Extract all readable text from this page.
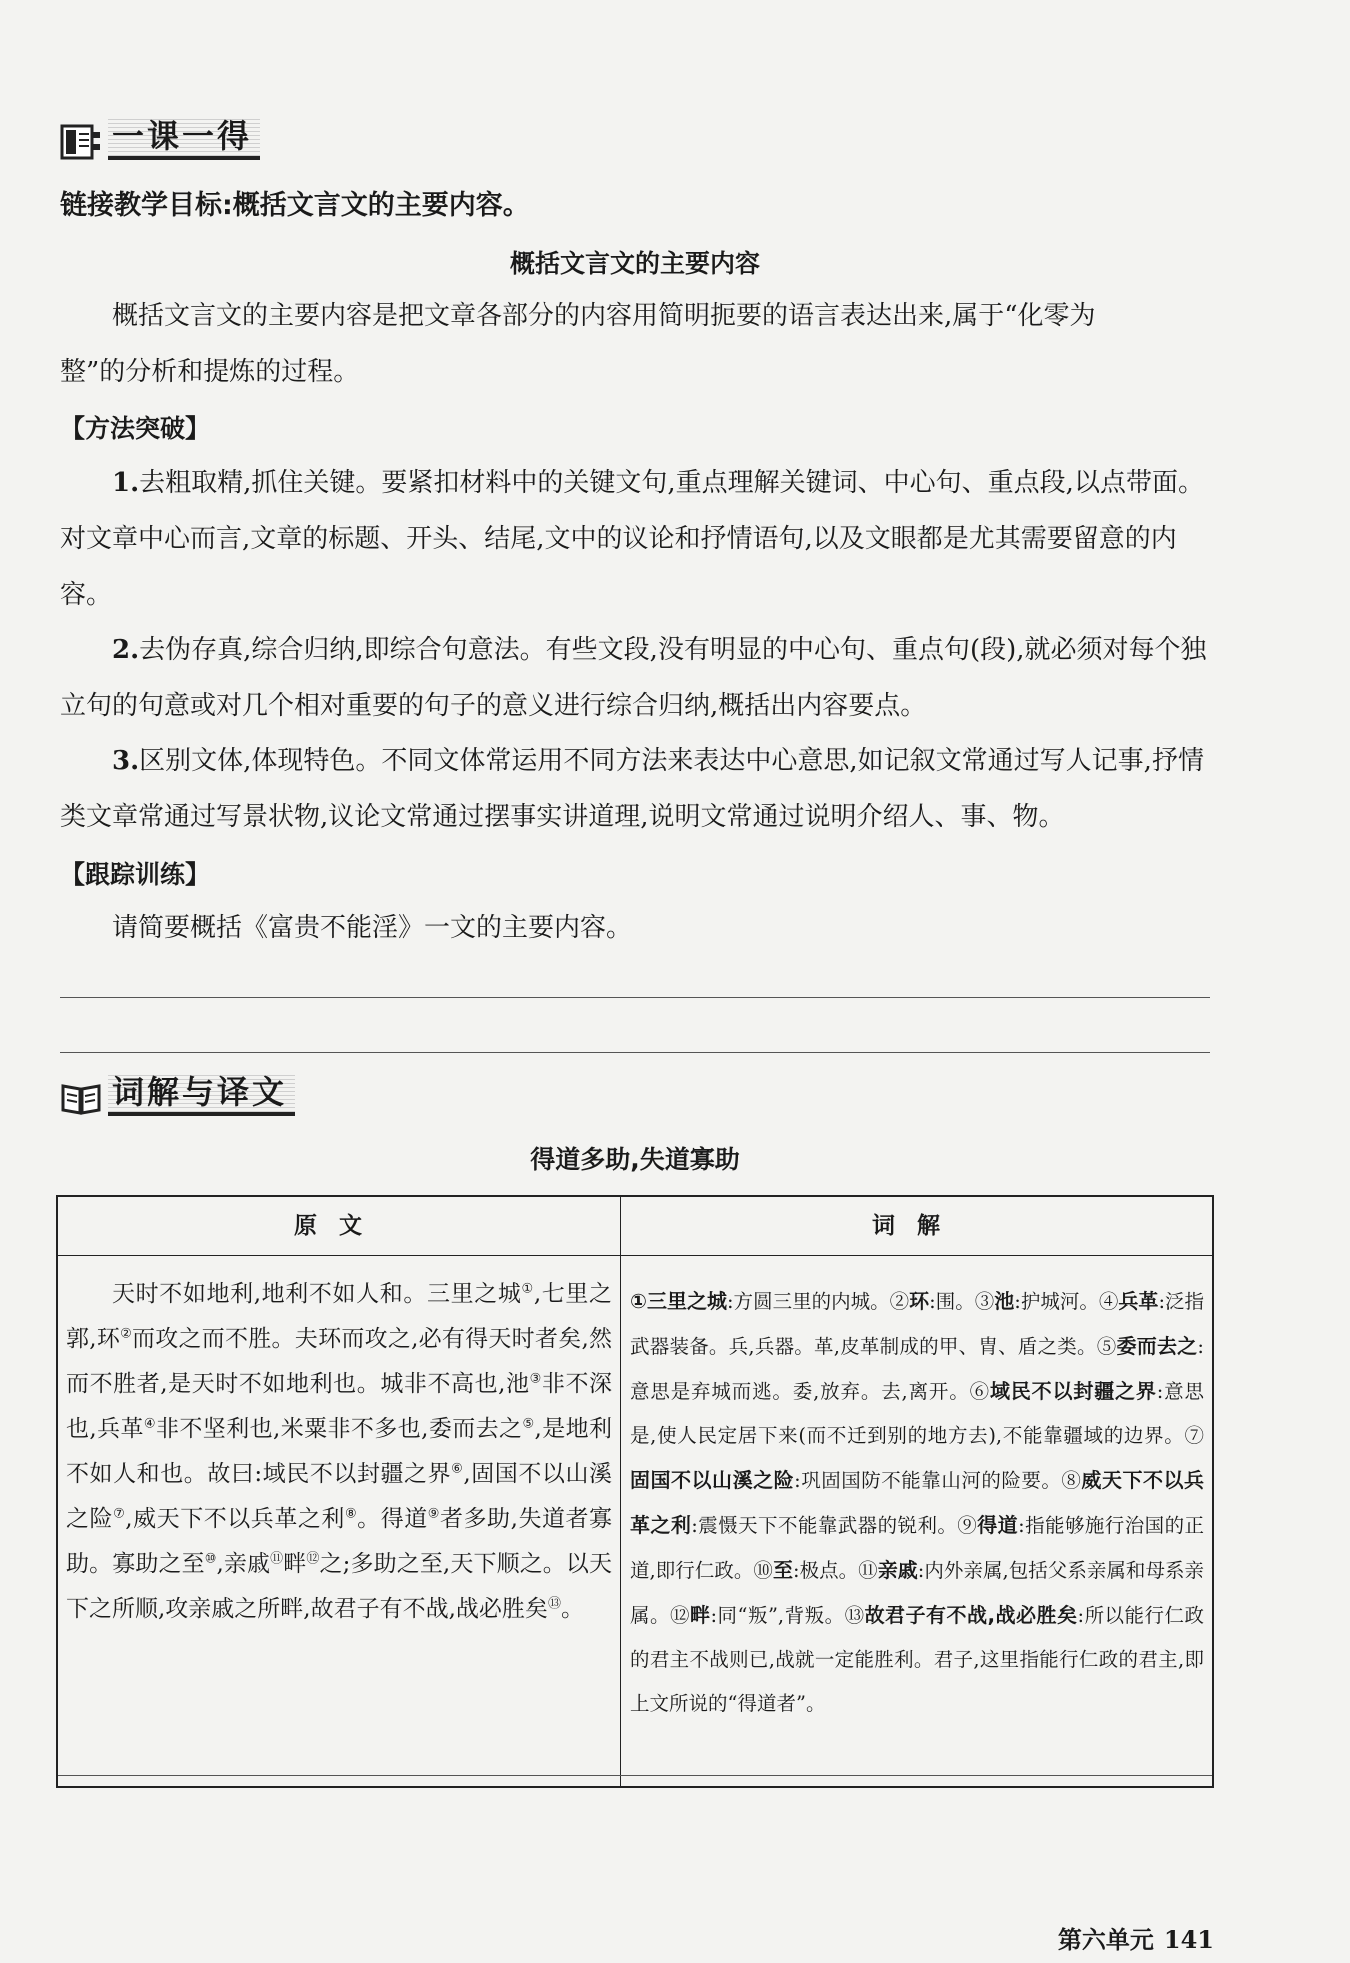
一课一得
链接教学目标:概括文言文的主要内容。
概括文言文的主要内容
概括文言文的主要内容是把文章各部分的内容用简明扼要的语言表达出来,属于“化零为
整”的分析和提炼的过程。
【方法突破】
1.去粗取精,抓住关键。要紧扣材料中的关键文句,重点理解关键词、中心句、重点段,以点带面。对文章中心而言,文章的标题、开头、结尾,文中的议论和抒情语句,以及文眼都是尤其需要留意的内容。
2.去伪存真,综合归纳,即综合句意法。有些文段,没有明显的中心句、重点句(段),就必须对每个独立句的句意或对几个相对重要的句子的意义进行综合归纳,概括出内容要点。
3.区别文体,体现特色。不同文体常运用不同方法来表达中心意思,如记叙文常通过写人记事,抒情类文章常通过写景状物,议论文常通过摆事实讲道理,说明文常通过说明介绍人、事、物。
【跟踪训练】
请简要概括《富贵不能淫》一文的主要内容。
词解与译文
得道多助,失道寡助
原文	词解
天时不如地利,地利不如人和。三里之城①,七里之郭,环②而攻之而不胜。夫环而攻之,必有得天时者矣,然而不胜者,是天时不如地利也。城非不高也,池③非不深也,兵革④非不坚利也,米粟非不多也,委而去之⑤,是地利不如人和也。故曰:域民不以封疆之界⑥,固国不以山溪之险⑦,威天下不以兵革之利⑧。得道⑨者多助,失道者寡助。寡助之至⑩,亲戚⑪畔⑫之;多助之至,天下顺之。以天下之所顺,攻亲戚之所畔,故君子有不战,战必胜矣⑬。
①三里之城:方圆三里的内城。②环:围。③池:护城河。④兵革:泛指武器装备。兵,兵器。革,皮革制成的甲、胄、盾之类。⑤委而去之:意思是弃城而逃。委,放弃。去,离开。⑥域民不以封疆之界:意思是,使人民定居下来(而不迁到别的地方去),不能靠疆域的边界。⑦固国不以山溪之险:巩固国防不能靠山河的险要。⑧威天下不以兵革之利:震慑天下不能靠武器的锐利。⑨得道:指能够施行治国的正道,即行仁政。⑩至:极点。⑪亲戚:内外亲属,包括父系亲属和母系亲属。⑫畔:同“叛”,背叛。⑬故君子有不战,战必胜矣:所以能行仁政的君主不战则已,战就一定能胜利。君子,这里指能行仁政的君主,即上文所说的“得道者”。
第六单元 141
